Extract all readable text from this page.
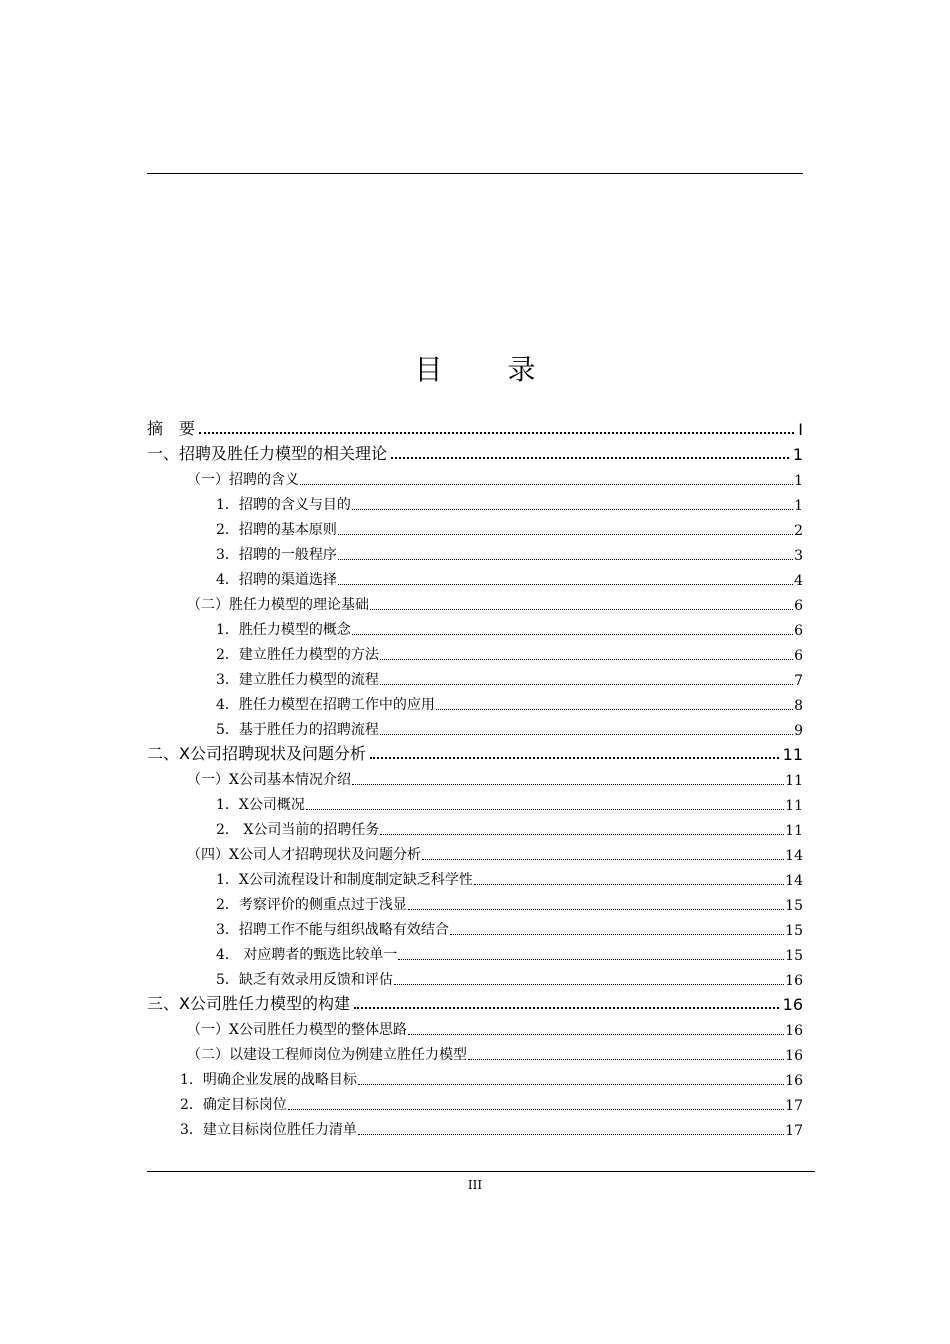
目 录
摘　要	I
一、招聘及胜任力模型的相关理论	1
（一）招聘的含义	1
1．招聘的含义与目的	1
2．招聘的基本原则	2
3．招聘的一般程序	3
4．招聘的渠道选择	4
（二）胜任力模型的理论基础	6
1．胜任力模型的概念	6
2．建立胜任力模型的方法	6
3．建立胜任力模型的流程	7
4．胜任力模型在招聘工作中的应用	8
5．基于胜任力的招聘流程	9
二、X公司招聘现状及问题分析	11
（一）X公司基本情况介绍	11
1．X公司概况	11
2． X公司当前的招聘任务	11
（四）X公司人才招聘现状及问题分析	14
1．X公司流程设计和制度制定缺乏科学性	14
2．考察评价的侧重点过于浅显	15
3．招聘工作不能与组织战略有效结合	15
4． 对应聘者的甄选比较单一	15
5．缺乏有效录用反馈和评估	16
三、X公司胜任力模型的构建	16
（一）X公司胜任力模型的整体思路	16
（二）以建设工程师岗位为例建立胜任力模型	16
1．明确企业发展的战略目标	16
2．确定目标岗位	17
3．建立目标岗位胜任力清单	17
III
